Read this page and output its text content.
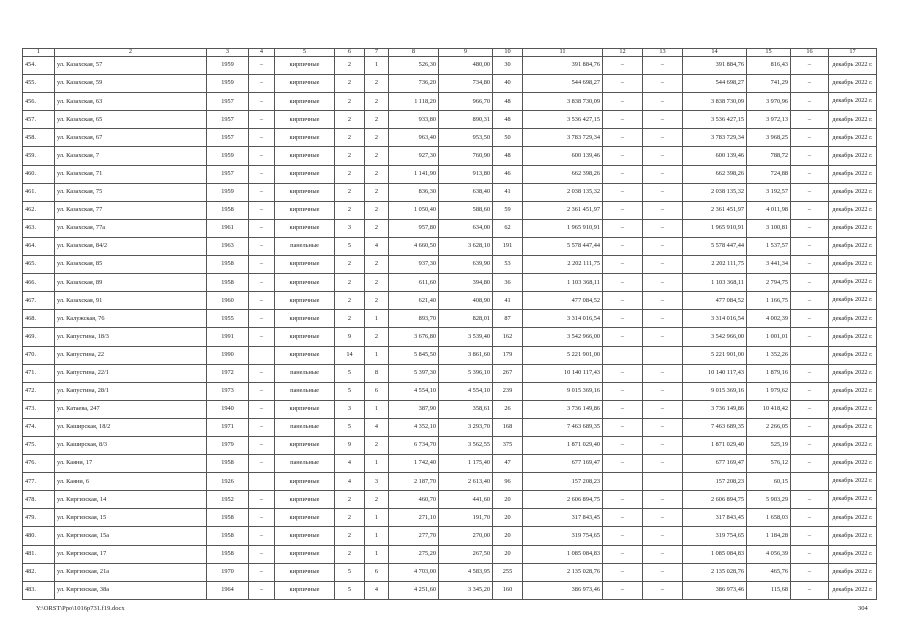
1	2	3	4	5	6	7	8	9	10	11	12	13	14	15	16	17
454.	ул. Казахская, 57	1959	–	кирпичные	2	1	526,30	480,00	30	391 884,76	–	–	391 884,76	816,43	–	декабрь 2022 г.
455.	ул. Казахская, 59	1959	–	кирпичные	2	2	736,20	734,80	40	544 698,27	–	–	544 698,27	741,29	–	декабрь 2022 г.
456.	ул. Казахская, 63	1957	–	кирпичные	2	2	1 118,20	966,70	48	3 838 730,09	–	–	3 838 730,09	3 970,96	–	декабрь 2022 г.
457.	ул. Казахская, 65	1957	–	кирпичные	2	2	933,80	890,31	48	3 536 427,15	–	–	3 536 427,15	3 972,13	–	декабрь 2022 г.
458.	ул. Казахская, 67	1957	–	кирпичные	2	2	963,40	953,50	50	3 783 729,34	–	–	3 783 729,34	3 968,25	–	декабрь 2022 г.
459.	ул. Казахская, 7	1959	–	кирпичные	2	2	927,30	760,90	48	600 139,46	–	–	600 139,46	788,72	–	декабрь 2022 г.
460.	ул. Казахская, 71	1957	–	кирпичные	2	2	1 141,90	913,80	46	662 398,26	–	–	662 398,26	724,88	–	декабрь 2022 г.
461.	ул. Казахская, 75	1959	–	кирпичные	2	2	836,30	638,40	41	2 038 135,32	–	–	2 038 135,32	3 192,57	–	декабрь 2022 г.
462.	ул. Казахская, 77	1958	–	кирпичные	2	2	1 050,40	588,60	59	2 361 451,97	–	–	2 361 451,97	4 011,98	–	декабрь 2022 г.
463.	ул. Казахская, 77а	1961	–	кирпичные	3	2	957,80	634,00	62	1 965 910,91	–	–	1 965 910,91	3 100,81	–	декабрь 2022 г.
464.	ул. Казахская, 84/2	1963	–	панельные	5	4	4 660,50	3 628,10	191	5 578 447,44	–	–	5 578 447,44	1 537,57	–	декабрь 2022 г.
465.	ул. Казахская, 85	1958	–	кирпичные	2	2	937,30	639,90	53	2 202 111,75	–	–	2 202 111,75	3 441,34	–	декабрь 2022 г.
466.	ул. Казахская, 89	1958	–	кирпичные	2	2	611,60	394,80	36	1 103 368,11	–	–	1 103 368,11	2 794,75	–	декабрь 2022 г.
467.	ул. Казахская, 91	1960	–	кирпичные	2	2	621,40	408,90	41	477 084,52	–	–	477 084,52	1 166,75	–	декабрь 2022 г.
468.	ул. Калужская, 76	1955	–	кирпичные	2	1	893,70	828,01	87	3 314 016,54	–	–	3 314 016,54	4 002,39	–	декабрь 2022 г.
469.	ул. Капустина, 18/3	1991	–	кирпичные	9	2	3 676,80	3 539,40	162	3 542 966,00	–	–	3 542 966,00	1 001,01	–	декабрь 2022 г.
470.	ул. Капустина, 22	1990		кирпичные	14	1	5 845,50	3 861,60	179	5 221 901,00			5 221 901,00	1 352,26		декабрь 2022 г.
471.	ул. Капустина, 22/1	1972	–	панельные	5	8	5 397,30	5 396,10	267	10 140 117,43	–	–	10 140 117,43	1 879,16	–	декабрь 2022 г.
472.	ул. Капустина, 28/1	1973	–	панельные	5	6	4 554,10	4 554,10	239	9 015 369,16	–	–	9 015 369,16	1 979,62	–	декабрь 2022 г.
473.	ул. Катаева, 247	1940	–	кирпичные	3	1	387,90	358,61	26	3 736 149,86	–	–	3 736 149,86	10 418,42	–	декабрь 2022 г.
474.	ул. Каширская, 18/2	1971	–	панельные	5	4	4 352,10	3 293,70	168	7 463 689,35	–	–	7 463 689,35	2 266,05	–	декабрь 2022 г.
475.	ул. Каширская, 8/3	1979	–	кирпичные	9	2	6 734,70	3 562,55	375	1 871 029,40	–	–	1 871 029,40	525,19	–	декабрь 2022 г.
476.	ул. Каяни, 17	1958	–	панельные	4	1	1 742,40	1 175,40	47	677 169,47	–	–	677 169,47	576,12	–	декабрь 2022 г.
477.	ул. Каяни, 6	1926		кирпичные	4	3	2 187,70	2 613,40	96	157 208,23			157 208,23	60,15		декабрь 2022 г.
478.	ул. Киргизская, 14	1952	–	кирпичные	2	2	460,70	441,60	20	2 606 894,75	–	–	2 606 894,75	5 903,29	–	декабрь 2022 г.
479.	ул. Киргизская, 15	1958	–	кирпичные	2	1	271,10	191,70	20	317 843,45	–	–	317 843,45	1 658,03	–	декабрь 2022 г.
480.	ул. Киргизская, 15а	1958	–	кирпичные	2	1	277,70	270,00	20	319 754,65	–	–	319 754,65	1 184,28	–	декабрь 2022 г.
481.	ул. Киргизская, 17	1958	–	кирпичные	2	1	275,20	267,50	20	1 085 084,83	–	–	1 085 084,83	4 056,39	–	декабрь 2022 г.
482.	ул. Киргизская, 21а	1970	–	кирпичные	5	6	4 703,00	4 583,95	255	2 135 028,76	–	–	2 135 028,76	465,76	–	декабрь 2022 г.
483.	ул. Киргизская, 38а	1964	–	кирпичные	5	4	4 251,60	3 345,20	160	386 973,46	–	–	386 973,46	115,68	–	декабрь 2022 г.
Y:\ORST\Ppo\1016p731.f19.docx	304
